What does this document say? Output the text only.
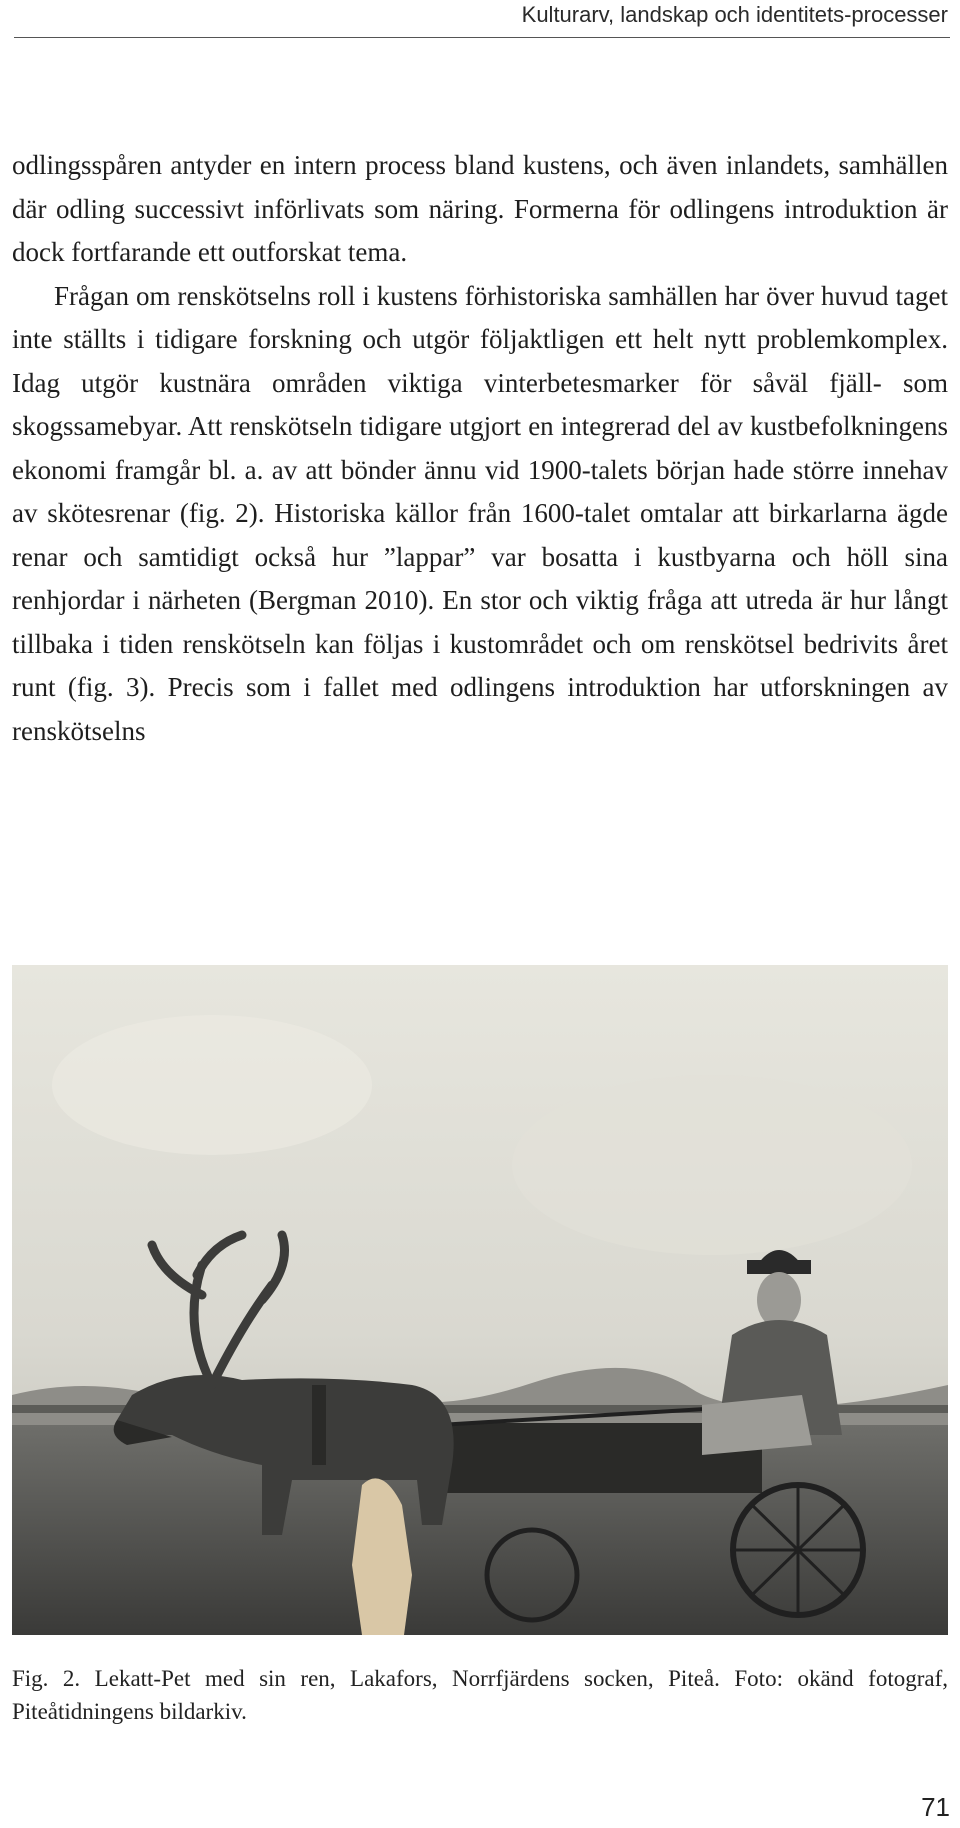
Kulturarv, landskap och identitets-processer

odlingsspåren antyder en intern process bland kustens, och även inlandets, samhällen där odling successivt införlivats som näring. Formerna för odlingens introduktion är dock fortfarande ett outforskat tema.

Frågan om renskötselns roll i kustens förhistoriska samhällen har över huvud taget inte ställts i tidigare forskning och utgör följaktligen ett helt nytt problemkomplex. Idag utgör kustnära områden viktiga vinterbetesmarker för såväl fjäll- som skogssamebyar. Att renskötseln tidigare utgjort en integrerad del av kustbefolkningens ekonomi framgår bl. a. av att bönder ännu vid 1900-talets början hade större innehav av skötesrenar (fig. 2). Historiska källor från 1600-talet omtalar att birkarlarna ägde renar och samtidigt också hur ”lappar” var bosatta i kustbyarna och höll sina renhjordar i närheten (Bergman 2010). En stor och viktig fråga att utreda är hur långt tillbaka i tiden renskötseln kan följas i kustområdet och om renskötsel bedrivits året runt (fig. 3). Precis som i fallet med odlingens introduktion har utforskningen av renskötselns

Fig. 2. Lekatt-Pet med sin ren, Lakafors, Norrfjärdens socken, Piteå. Foto: okänd fotograf, Piteåtidningens bildarkiv.
71
